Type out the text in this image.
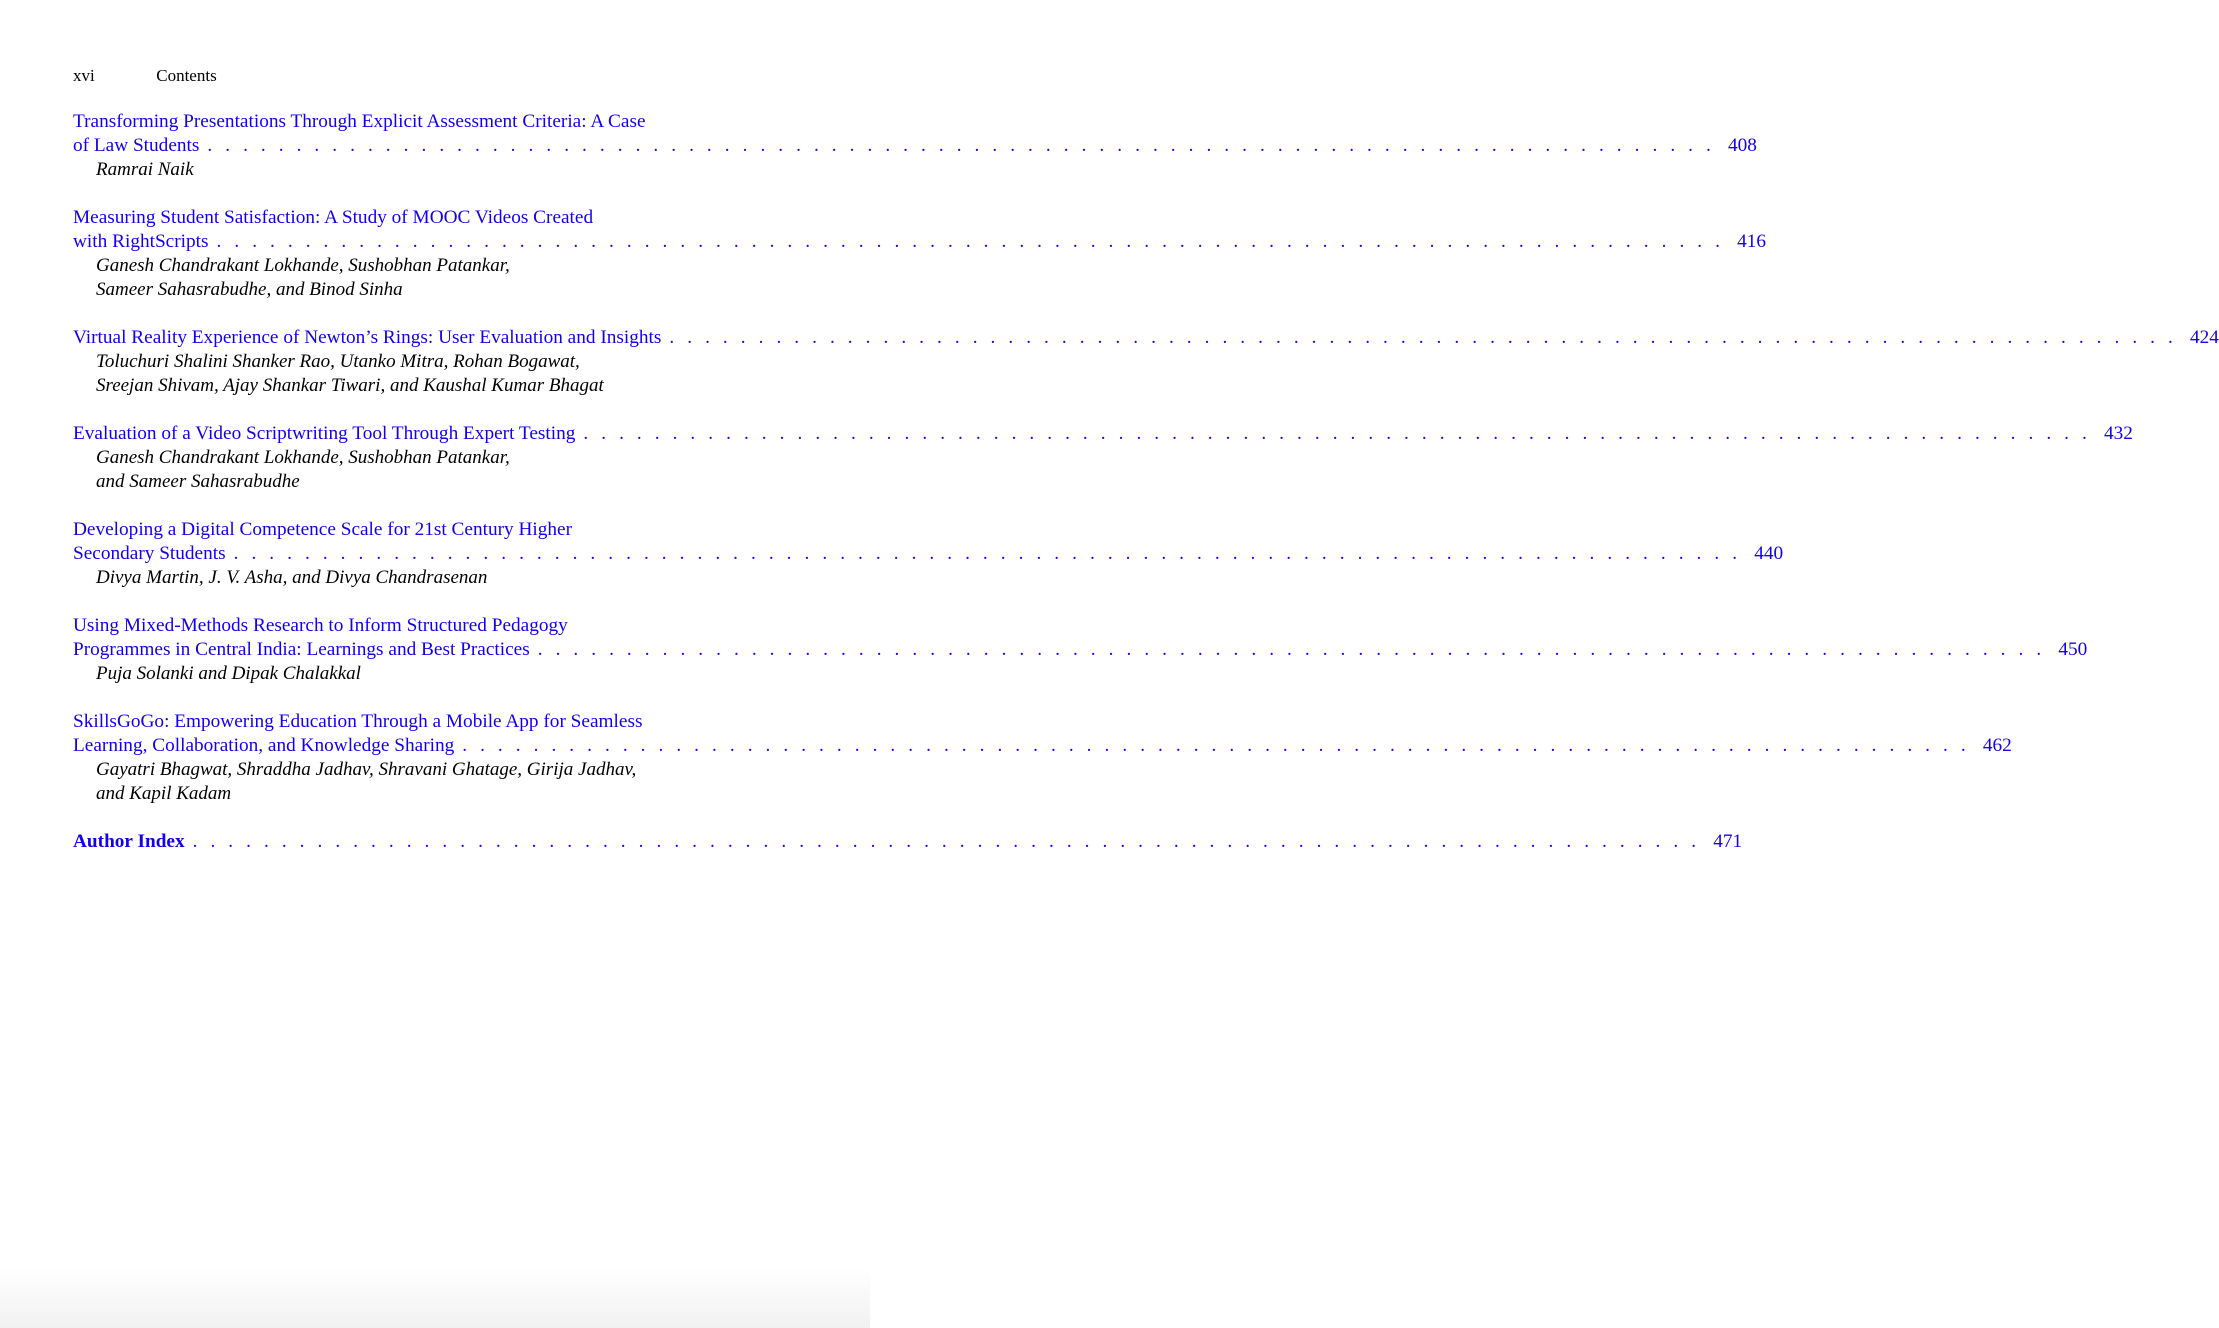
xvi	Contents
Transforming Presentations Through Explicit Assessment Criteria: A Case
of Law Students . . . . . . . . . . . . . . . . . . . . . . . . . . . . . . . . . . . . . . . . . . . . . . . . . . . . . . . . . . . . . . . . . . . . . . . . . . . . . . . . . . . . . 408
Ramrai Naik
Measuring Student Satisfaction: A Study of MOOC Videos Created
with RightScripts . . . . . . . . . . . . . . . . . . . . . . . . . . . . . . . . . . . . . . . . . . . . . . . . . . . . . . . . . . . . . . . . . . . . . . . . . . . . . . . . . . . . . 416
Ganesh Chandrakant Lokhande, Sushobhan Patankar,
Sameer Sahasrabudhe, and Binod Sinha
Virtual Reality Experience of Newton’s Rings: User Evaluation and Insights . . . . . . . . . . . . . . . . . . . . . . . . . . . . . . . . . . . . . . . . . . . . . . . . . . . . . . . . . . . . . . . . . . . . . . . . . . . . . . . . . . . . . 424
Toluchuri Shalini Shanker Rao, Utanko Mitra, Rohan Bogawat,
Sreejan Shivam, Ajay Shankar Tiwari, and Kaushal Kumar Bhagat
Evaluation of a Video Scriptwriting Tool Through Expert Testing . . . . . . . . . . . . . . . . . . . . . . . . . . . . . . . . . . . . . . . . . . . . . . . . . . . . . . . . . . . . . . . . . . . . . . . . . . . . . . . . . . . . . 432
Ganesh Chandrakant Lokhande, Sushobhan Patankar,
and Sameer Sahasrabudhe
Developing a Digital Competence Scale for 21st Century Higher
Secondary Students . . . . . . . . . . . . . . . . . . . . . . . . . . . . . . . . . . . . . . . . . . . . . . . . . . . . . . . . . . . . . . . . . . . . . . . . . . . . . . . . . . . . . 440
Divya Martin, J. V. Asha, and Divya Chandrasenan
Using Mixed-Methods Research to Inform Structured Pedagogy
Programmes in Central India: Learnings and Best Practices . . . . . . . . . . . . . . . . . . . . . . . . . . . . . . . . . . . . . . . . . . . . . . . . . . . . . . . . . . . . . . . . . . . . . . . . . . . . . . . . . . . . . 450
Puja Solanki and Dipak Chalakkal
SkillsGoGo: Empowering Education Through a Mobile App for Seamless
Learning, Collaboration, and Knowledge Sharing . . . . . . . . . . . . . . . . . . . . . . . . . . . . . . . . . . . . . . . . . . . . . . . . . . . . . . . . . . . . . . . . . . . . . . . . . . . . . . . . . . . . . 462
Gayatri Bhagwat, Shraddha Jadhav, Shravani Ghatage, Girija Jadhav,
and Kapil Kadam
Author Index . . . . . . . . . . . . . . . . . . . . . . . . . . . . . . . . . . . . . . . . . . . . . . . . . . . . . . . . . . . . . . . . . . . . . . . . . . . . . . . . . . . . . 471
